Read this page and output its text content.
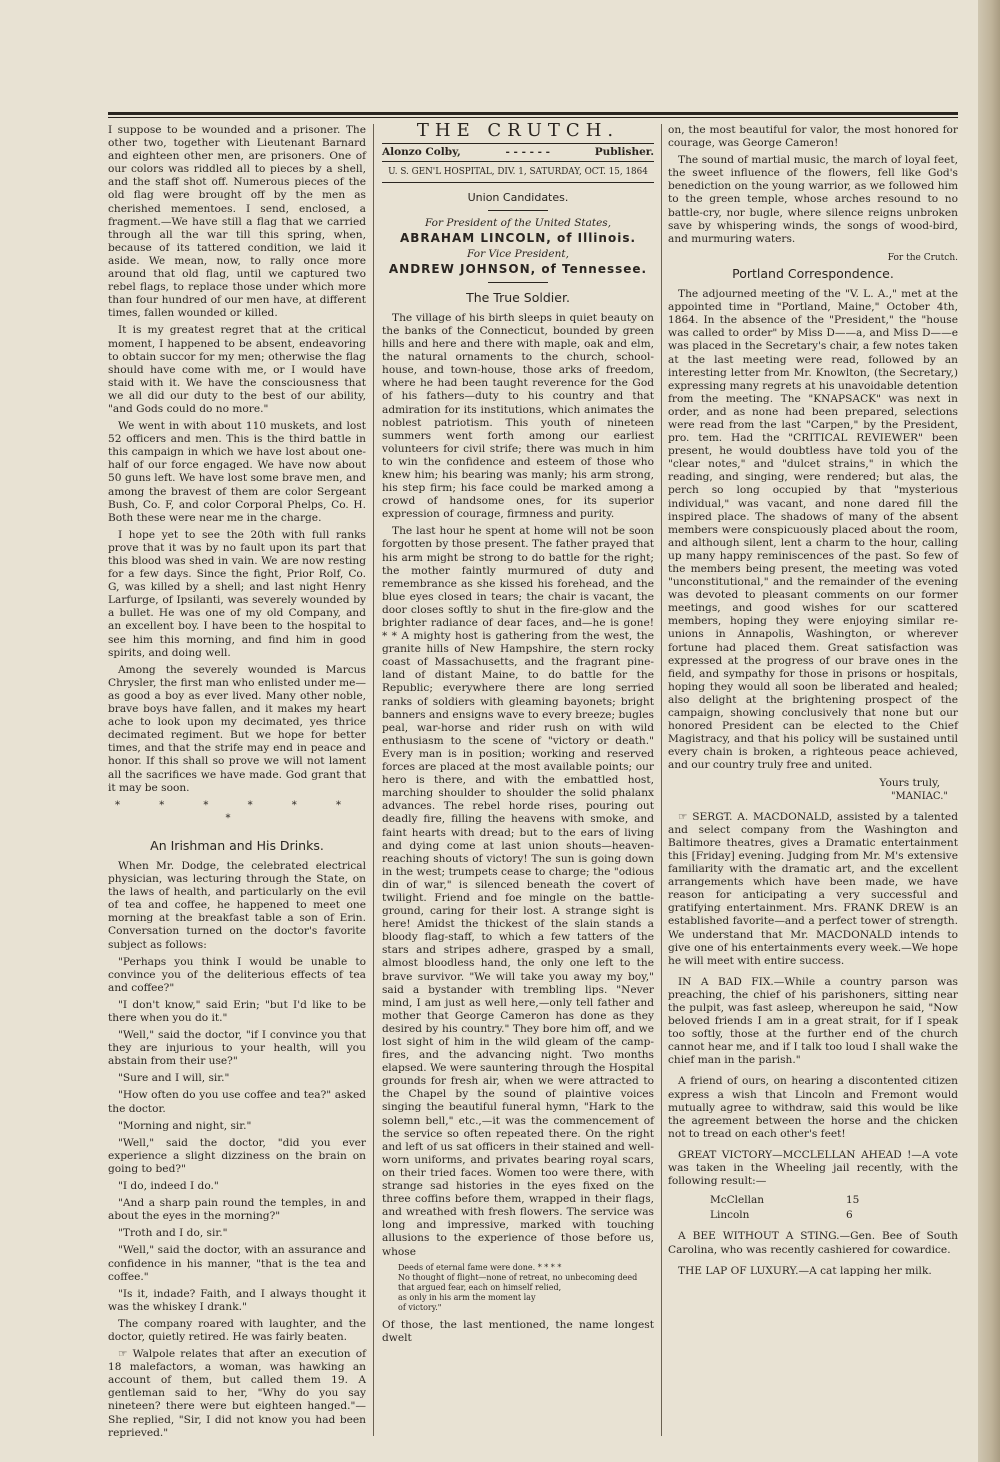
I suppose to be wounded and a prisoner. The other two, together with Lieutenant Barnard and eighteen other men, are prisoners. One of our colors was riddled all to pieces by a shell, and the staff shot off. Numerous pieces of the old flag were brought off by the men as cherished mementoes. I send, enclosed, a fragment.—We have still a flag that we carried through all the war till this spring, when, because of its tattered condition, we laid it aside. We mean, now, to rally once more around that old flag, until we captured two rebel flags, to replace those under which more than four hundred of our men have, at different times, fallen wounded or killed.

It is my greatest regret that at the critical moment, I happened to be absent, endeavoring to obtain succor for my men; otherwise the flag should have come with me, or I would have staid with it. We have the consciousness that we all did our duty to the best of our ability, "and Gods could do no more."

We went in with about 110 muskets, and lost 52 officers and men. This is the third battle in this campaign in which we have lost about one-half of our force engaged. We have now about 50 guns left. We have lost some brave men, and among the bravest of them are color Sergeant Bush, Co. F, and color Corporal Phelps, Co. H. Both these were near me in the charge.

I hope yet to see the 20th with full ranks prove that it was by no fault upon its part that this blood was shed in vain. We are now resting for a few days. Since the fight, Prior Rolf, Co. G, was killed by a shell; and last night Henry Larfurge, of Ipsilanti, was severely wounded by a bullet. He was one of my old Company, and an excellent boy. I have been to the hospital to see him this morning, and find him in good spirits, and doing well.

Among the severely wounded is Marcus Chrysler, the first man who enlisted under me—as good a boy as ever lived. Many other noble, brave boys have fallen, and it makes my heart ache to look upon my decimated, yes thrice decimated regiment. But we hope for better times, and that the strife may end in peace and honor. If this shall so prove we will not lament all the sacrifices we have made. God grant that it may be soon.

* * * * * * *
An Irishman and His Drinks.

When Mr. Dodge, the celebrated electrical physician, was lecturing through the State, on the laws of health, and particularly on the evil of tea and coffee, he happened to meet one morning at the breakfast table a son of Erin. Conversation turned on the doctor's favorite subject as follows:

"Perhaps you think I would be unable to convince you of the deliterious effects of tea and coffee?"

"I don't know," said Erin; "but I'd like to be there when you do it."

"Well," said the doctor, "if I convince you that they are injurious to your health, will you abstain from their use?"

"Sure and I will, sir."

"How often do you use coffee and tea?" asked the doctor.

"Morning and night, sir."

"Well," said the doctor, "did you ever experience a slight dizziness on the brain on going to bed?"

"I do, indeed I do."

"And a sharp pain round the temples, in and about the eyes in the morning?"

"Troth and I do, sir."

"Well," said the doctor, with an assurance and confidence in his manner, "that is the tea and coffee."

"Is it, indade? Faith, and I always thought it was the whiskey I drank."

The company roared with laughter, and the doctor, quietly retired. He was fairly beaten.

☞ Walpole relates that after an execution of 18 malefactors, a woman, was hawking an account of them, but called them 19. A gentleman said to her, "Why do you say nineteen? there were but eighteen hanged."—She replied, "Sir, I did not know you had been reprieved."

THE CRUTCH.
Alonzo Colby,	- - - - - -	Publisher.
U. S. GEN'L HOSPITAL, DIV. 1, SATURDAY, OCT. 15, 1864
Union Candidates.
For President of the United States,
ABRAHAM LINCOLN, of Illinois.
For Vice President,
ANDREW JOHNSON, of Tennessee.
The True Soldier.

The village of his birth sleeps in quiet beauty on the banks of the Connecticut, bounded by green hills and here and there with maple, oak and elm, the natural ornaments to the church, school-house, and town-house, those arks of freedom, where he had been taught reverence for the God of his fathers—duty to his country and that admiration for its institutions, which animates the noblest patriotism. This youth of nineteen summers went forth among our earliest volunteers for civil strife; there was much in him to win the confidence and esteem of those who knew him; his bearing was manly; his arm strong, his step firm; his face could be marked among a crowd of handsome ones, for its superior expression of courage, firmness and purity.

The last hour he spent at home will not be soon forgotten by those present. The father prayed that his arm might be strong to do battle for the right; the mother faintly murmured of duty and remembrance as she kissed his forehead, and the blue eyes closed in tears; the chair is vacant, the door closes softly to shut in the fire-glow and the brighter radiance of dear faces, and—he is gone! * * A mighty host is gathering from the west, the granite hills of New Hampshire, the stern rocky coast of Massachusetts, and the fragrant pine-land of distant Maine, to do battle for the Republic; everywhere there are long serried ranks of soldiers with gleaming bayonets; bright banners and ensigns wave to every breeze; bugles peal, war-horse and rider rush on with wild enthusiasm to the scene of "victory or death." Every man is in position; working and reserved forces are placed at the most available points; our hero is there, and with the embattled host, marching shoulder to shoulder the solid phalanx advances. The rebel horde rises, pouring out deadly fire, filling the heavens with smoke, and faint hearts with dread; but to the ears of living and dying come at last union shouts—heaven-reaching shouts of victory! The sun is going down in the west; trumpets cease to charge; the "odious din of war," is silenced beneath the covert of twilight. Friend and foe mingle on the battle-ground, caring for their lost. A strange sight is here! Amidst the thickest of the slain stands a bloody flag-staff, to which a few tatters of the stars and stripes adhere, grasped by a small, almost bloodless hand, the only one left to the brave survivor. "We will take you away my boy," said a bystander with trembling lips. "Never mind, I am just as well here,—only tell father and mother that George Cameron has done as they desired by his country." They bore him off, and we lost sight of him in the wild gleam of the camp-fires, and the advancing night. Two months elapsed. We were sauntering through the Hospital grounds for fresh air, when we were attracted to the Chapel by the sound of plaintive voices singing the beautiful funeral hymn, "Hark to the solemn bell," etc.,—it was the commencement of the service so often repeated there. On the right and left of us sat officers in their stained and well-worn uniforms, and privates bearing royal scars, on their tried faces. Women too were there, with strange sad histories in the eyes fixed on the three coffins before them, wrapped in their flags, and wreathed with fresh flowers. The service was long and impressive, marked with touching allusions to the experience of those before us, whose

Deeds of eternal fame were done. * * * *
No thought of flight—none of retreat, no unbecoming deed
that argued fear, each on himself relied,
as only in his arm the moment lay
of victory."

Of those, the last mentioned, the name longest dwelt

on, the most beautiful for valor, the most honored for courage, was George Cameron!

The sound of martial music, the march of loyal feet, the sweet influence of the flowers, fell like God's benediction on the young warrior, as we followed him to the green temple, whose arches resound to no battle-cry, nor bugle, where silence reigns unbroken save by whispering winds, the songs of wood-bird, and murmuring waters.

For the Crutch.
Portland Correspondence.

The adjourned meeting of the "V. L. A.," met at the appointed time in "Portland, Maine," October 4th, 1864. In the absence of the "President," the "house was called to order" by Miss D——a, and Miss D——e was placed in the Secretary's chair, a few notes taken at the last meeting were read, followed by an interesting letter from Mr. Knowlton, (the Secretary,) expressing many regrets at his unavoidable detention from the meeting. The "KNAPSACK" was next in order, and as none had been prepared, selections were read from the last "Carpen," by the President, pro. tem. Had the "CRITICAL REVIEWER" been present, he would doubtless have told you of the "clear notes," and "dulcet strains," in which the reading, and singing, were rendered; but alas, the perch so long occupied by that "mysterious individual," was vacant, and none dared fill the inspired place. The shadows of many of the absent members were conspicuously placed about the room, and although silent, lent a charm to the hour, calling up many happy reminiscences of the past. So few of the members being present, the meeting was voted "unconstitutional," and the remainder of the evening was devoted to pleasant comments on our former meetings, and good wishes for our scattered members, hoping they were enjoying similar re-unions in Annapolis, Washington, or wherever fortune had placed them. Great satisfaction was expressed at the progress of our brave ones in the field, and sympathy for those in prisons or hospitals, hoping they would all soon be liberated and healed; also delight at the brightening prospect of the campaign, showing conclusively that none but our honored President can be elected to the Chief Magistracy, and that his policy will be sustained until every chain is broken, a righteous peace achieved, and our country truly free and united.

Yours truly,
"MANIAC."

☞ SERGT. A. MACDONALD, assisted by a talented and select company from the Washington and Baltimore theatres, gives a Dramatic entertainment this [Friday] evening. Judging from Mr. M's extensive familiarity with the dramatic art, and the excellent arrangements which have been made, we have reason for anticipating a very successful and gratifying entertainment. Mrs. FRANK DREW is an established favorite—and a perfect tower of strength. We understand that Mr. MACDONALD intends to give one of his entertainments every week.—We hope he will meet with entire success.

IN A BAD FIX.—While a country parson was preaching, the chief of his parishoners, sitting near the pulpit, was fast asleep, whereupon he said, "Now beloved friends I am in a great strait, for if I speak too softly, those at the further end of the church cannot hear me, and if I talk too loud I shall wake the chief man in the parish."

A friend of ours, on hearing a discontented citizen express a wish that Lincoln and Fremont would mutually agree to withdraw, said this would be like the agreement between the horse and the chicken not to tread on each other's feet!

GREAT VICTORY—MCCLELLAN AHEAD !—A vote was taken in the Wheeling jail recently, with the following result:—

McClellan	15
Lincoln	6

A BEE WITHOUT A STING.—Gen. Bee of South Carolina, who was recently cashiered for cowardice.

THE LAP OF LUXURY.—A cat lapping her milk.
